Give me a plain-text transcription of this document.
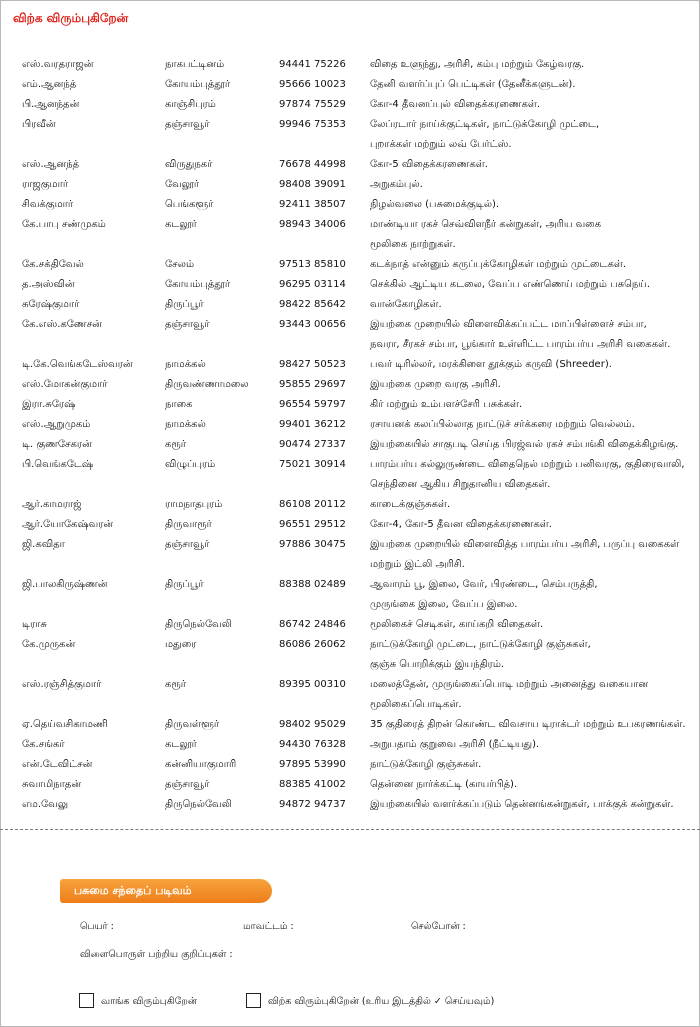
விற்க விரும்புகிறேன்
எஸ்.வரதராஜன்	நாகபட்டினம்	94441 75226 விதை உளுந்து, அரிசி, கம்பு மற்றும் கேழ்வரகு.
எம்.ஆனந்த்	கோயம்புத்தூர்	95666 10023 தேனி வளர்ப்புப் பெட்டிகள் (தேனீக்களுடன்).
பி.ஆனந்தன்	காஞ்சிபுரம்	97874 75529 கோ-4 தீவனப்புல் விதைக்கரணைகள்.
பிரவீன்	தஞ்சாவூர்	99946 75353 லேப்ரடார் நாய்க்குட்டிகள், நாட்டுக்கோழி முட்டை,
புறாக்கள் மற்றும் லவ் பேர்ட்ஸ்.
எஸ்.ஆனந்த்	விருதுநகர்	76678 44998 கோ-5 விதைக்கரணைகள்.
ராஜகுமார்	வேலூர்	98408 39091 அறுகம்புல்.
சிவக்குமார்	பெங்களூர்	92411 38507 நிழல்வலை (பசுமைக்குடில்).
கே.பாபு சண்முகம்	கடலூர்	98943 34006 மாண்டியா ரகச் செவ்விளநீர் கன்றுகள், அரிய வகை
மூலிகை நாற்றுகள்.
கே.சக்திவேல்	சேலம்	97513 85810 கடக்நாத் என்னும் கருப்புக்கோழிகள் மற்றும் முட்டைகள்.
த.அஸ்வின்	கோயம்புத்தூர்	96295 03114 செக்கில் ஆட்டிய கடலை, வேப்ப எண்ணெய் மற்றும் பசுநெய்.
சுரேஷ்குமார்	திருப்பூர்	98422 85642 வான்கோழிகள்.
கே.எஸ்.கணேசன்	தஞ்சாவூர்	93443 00656 இயற்கை முறையில் விளைவிக்கப்பட்ட மாப்பிள்ளைச் சம்பா,
நவரா, சீரகச் சம்பா, பூங்கார் உள்ளிட்ட பாரம்பர்ய அரிசி வகைகள்.
டி.கே.வெங்கடேஸ்வரன்	நாமக்கல்	98427 50523 பவர் டிரில்லர், மரக்கிளை தூக்கும் கருவி (Shreeder).
எஸ்.மோகன்குமார்	திருவண்ணாமலை	95855 29697 இயற்கை முறை வரகு அரிசி.
இரா.சுரேஷ்	நாகை	96554 59797 கிர் மற்றும் உம்பளச்சேரி பசுக்கள்.
எஸ்.ஆறுமுகம்	நாமக்கல்	99401 36212 ரசாயனக் கலப்பில்லாத நாட்டுச் சர்க்கரை மற்றும் வெல்லம்.
டி. குணசேகரன்	கரூர்	90474 27337 இயற்கையில் சாகுபடி செய்த பிரஜ்வல் ரகச் சம்பங்கி விதைக்கிழங்கு.
பி.வெங்கடேஷ்	விழுப்புரம்	75021 30914 பாரம்பர்ய கல்லுருண்டை விதைநெல் மற்றும் பனிவரகு, குதிரைவாலி,
செந்தினை ஆகிய சிறுதானிய விதைகள்.
ஆர்.காமராஜ்	ராமநாதபுரம்	86108 20112 காடைக்குஞ்சுகள்.
ஆர்.யோகேஷ்வரன்	திருவாரூர்	96551 29512 கோ-4, கோ-5 தீவன விதைக்கரணைகள்.
ஜி.கவிதா	தஞ்சாவூர்	97886 30475 இயற்கை முறையில் விளைவித்த பாரம்பர்ய அரிசி, பருப்பு வகைகள்
மற்றும் இட்லி அரிசி.
ஜி.பாலகிருஷ்ணன்	திருப்பூர்	88388 02489 ஆவாரம் பூ, இலை, வேர், பிரண்டை, செம்பருத்தி,
முருங்கை இலை, வேப்ப இலை.
டிராசு	திருநெல்வேலி	86742 24846 மூலிகைச் செடிகள், காய்கறி விதைகள்.
கே.முருகன்	மதுரை	86086 26062 நாட்டுக்கோழி முட்டை, நாட்டுக்கோழி குஞ்சுகள்,
குஞ்சு பொறிக்கும் இயந்திரம்.
எஸ்.ரஞ்சித்குமார்	கரூர்	89395 00310 மலைத்தேன், முருங்கைப்பொடி மற்றும் அனைத்து வகையான
மூலிகைப்பொடிகள்.
ஏ.தெய்வசிகாமணி	திருவள்ளூர்	98402 95029 35 குதிரைத் திறன் கொண்ட விவசாய டிராக்டர் மற்றும் உபகரணங்கள்.
கே.சங்கர்	கடலூர்	94430 76328 அறுபதாம் குறுவை அரிசி (நீட்டியது).
என்.டேவிட்சன்	கன்னியாகுமாரி	97895 53990 நாட்டுக்கோழி குஞ்சுகள்.
சுவாமிநாதன்	தஞ்சாவூர்	88385 41002 தென்னை நார்க்கட்டி (காயர்பித்).
எம.வேலு	திருநெல்வேலி	94872 94737 இயற்கையில் வளர்க்கப்படும் தென்னங்கன்றுகள், பாக்குக் கன்றுகள்.
பசுமை சந்தைப் படிவம்
பெயர் :	மாவட்டம் :	செல்போன் :
விளைபொருள் பற்றிய குறிப்புகள் :
வாங்க விரும்புகிறேன்	விற்க விரும்புகிறேன் (உரிய இடத்தில் ✓ செய்யவும்)
